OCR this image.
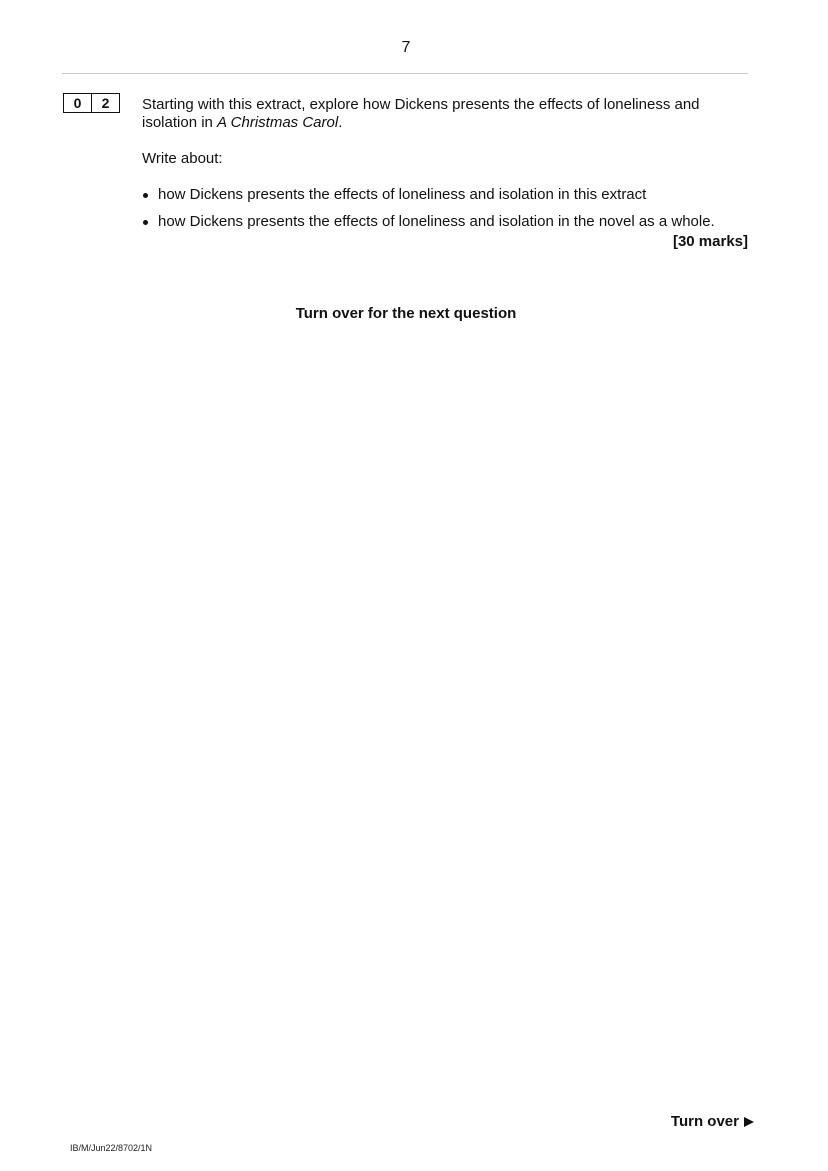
7
0	2	Starting with this extract, explore how Dickens presents the effects of loneliness and isolation in A Christmas Carol.

Write about:

how Dickens presents the effects of loneliness and isolation in this extract
how Dickens presents the effects of loneliness and isolation in the novel as a whole.
[30 marks]
Turn over for the next question
Turn over
IB/M/Jun22/8702/1N
